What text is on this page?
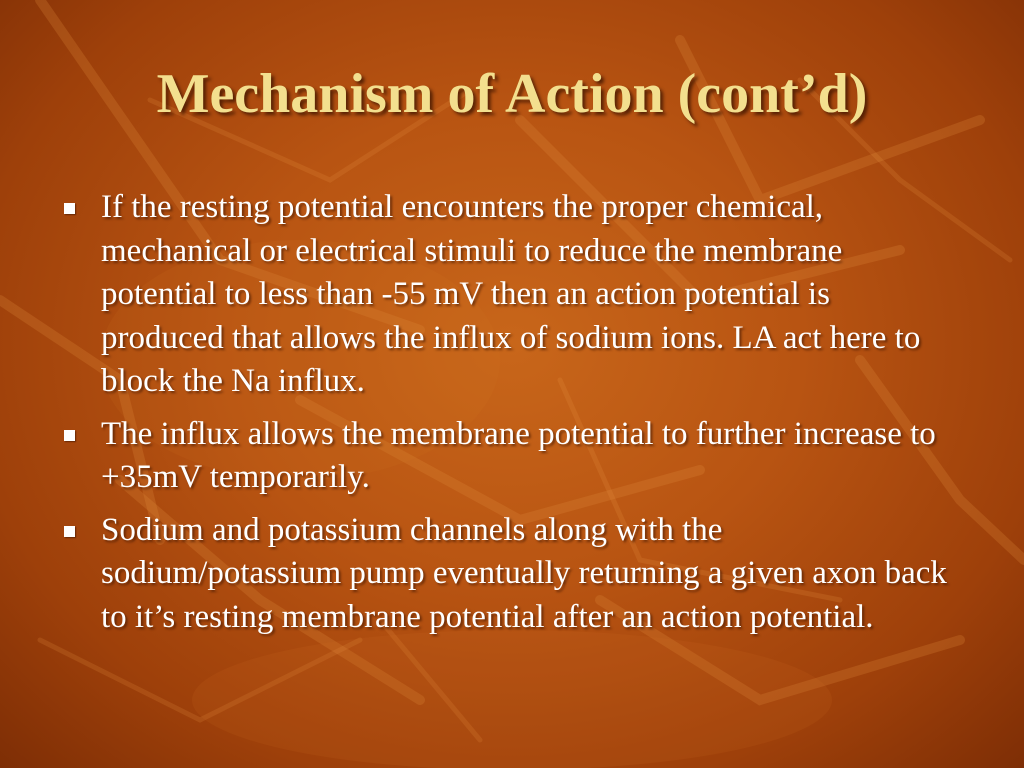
Mechanism of Action (cont’d)
If the resting potential encounters the proper chemical, mechanical or electrical stimuli to reduce the membrane potential to less than -55 mV then an action potential is produced that allows the influx of sodium ions. LA act here to block the Na influx.
The influx allows the membrane potential to further increase to +35mV temporarily.
Sodium and potassium channels along with the sodium/potassium pump eventually returning a given axon back to it’s resting membrane potential after an action potential.
